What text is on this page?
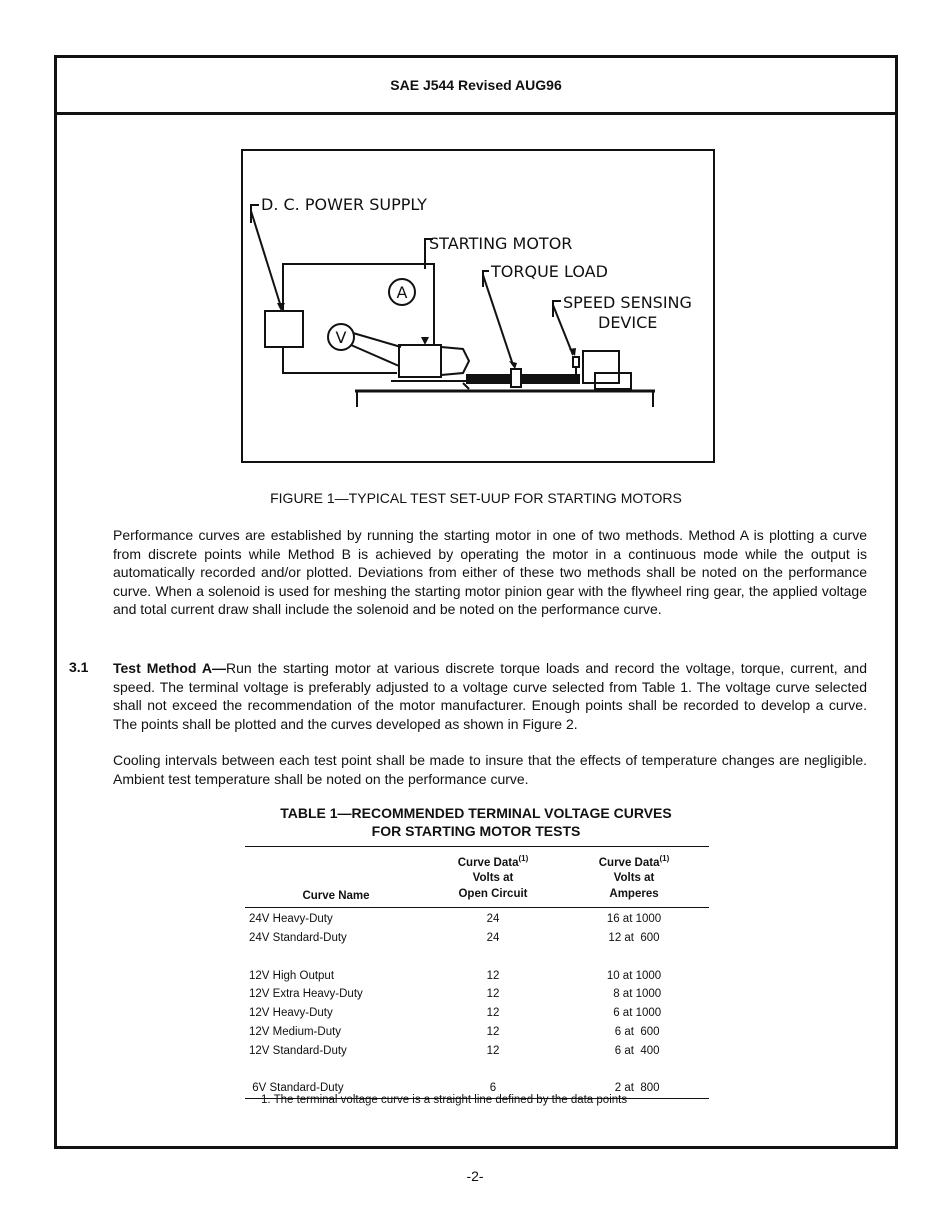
SAE J544 Revised AUG96
D. C. POWER SUPPLY
STARTING MOTOR
TORQUE LOAD
SPEED SENSING
DEVICE
A
V
FIGURE 1—TYPICAL TEST SET-UUP FOR STARTING MOTORS
Performance curves are established by running the starting motor in one of two methods. Method A is plotting a curve from discrete points while Method B is achieved by operating the motor in a continuous mode while the output is automatically recorded and/or plotted. Deviations from either of these two methods shall be noted on the performance curve. When a solenoid is used for meshing the starting motor pinion gear with the flywheel ring gear, the applied voltage and total current draw shall include the solenoid and be noted on the performance curve.
3.1 Test Method A—Run the starting motor at various discrete torque loads and record the voltage, torque, current, and speed. The terminal voltage is preferably adjusted to a voltage curve selected from Table 1. The voltage curve selected shall not exceed the recommendation of the motor manufacturer. Enough points shall be recorded to develop a curve. The points shall be plotted and the curves developed as shown in Figure 2.
Cooling intervals between each test point shall be made to insure that the effects of temperature changes are negligible. Ambient test temperature shall be noted on the performance curve.
TABLE 1—RECOMMENDED TERMINAL VOLTAGE CURVES
FOR STARTING MOTOR TESTS
Curve Name
Curve Data$^{(1)}$
Volts at
Open Circuit
Curve Data$^{(1)}$
Volts at
Amperes
24V Heavy-Duty	24	16 at 1000
24V Standard-Duty	24	12 at  600
12V High Output	12	10 at 1000
12V Extra Heavy-Duty	12	8 at 1000
12V Heavy-Duty	12	6 at 1000
12V Medium-Duty	12	6 at  600
12V Standard-Duty	12	6 at  400
6V Standard-Duty	6	2 at  800
1. The terminal voltage curve is a straight line defined by the data points
-2-
